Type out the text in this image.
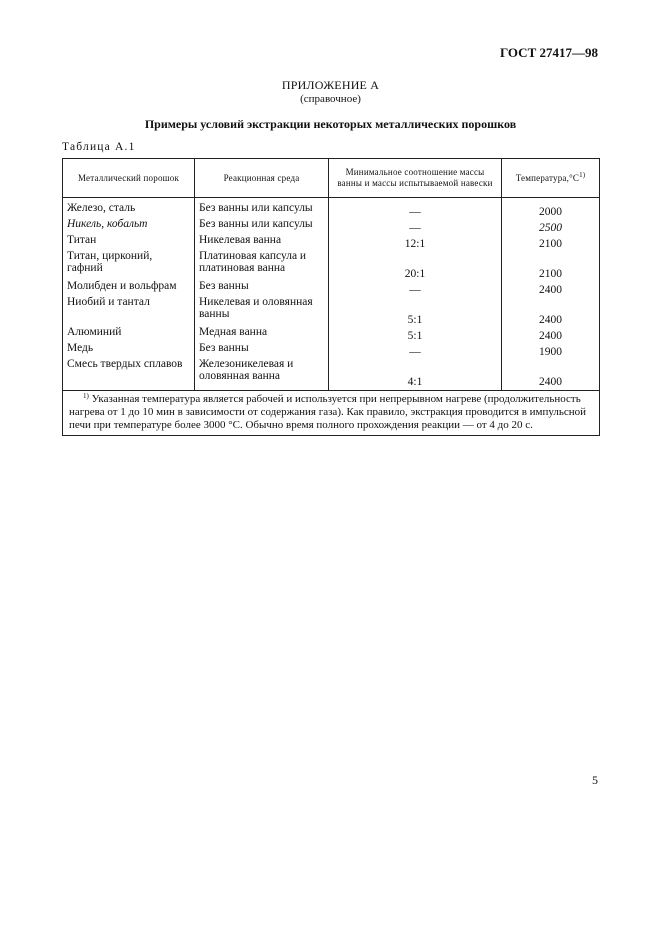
ГОСТ 27417—98
ПРИЛОЖЕНИЕ А
(справочное)
Примеры условий экстракции некоторых металлических порошков
Таблица А.1
Металлический порошок	Реакционная среда	Минимальное соотношение массы ванны и массы испытываемой навески	$Температура,^\circ С^{1)}$
Железо, сталь	Без ванны или капсулы	—	2000
Никель, кобальт	Без ванны или капсулы	—	2500
Титан	Никелевая ванна	12:1	2100
Титан, цирконий, гафний	Платиновая капсула и платиновая ванна	20:1	2100
Молибден и вольфрам	Без ванны	—	2400
Ниобий и тантал	Никелевая и оловянная ванны	5:1	2400
Алюминий	Медная ванна	5:1	2400
Медь	Без ванны	—	1900
Смесь твердых сплавов	Железоникелевая и оловянная ванна	4:1	2400
$^{1)}$ Указанная температура является рабочей и используется при непрерывном нагреве (продолжительность нагрева от 1 до 10 мин в зависимости от содержания газа). Как правило, экстракция проводится в импульсной печи при температуре более 3000 °С. Обычно время полного прохождения реакции — от 4 до 20 с.			
5
